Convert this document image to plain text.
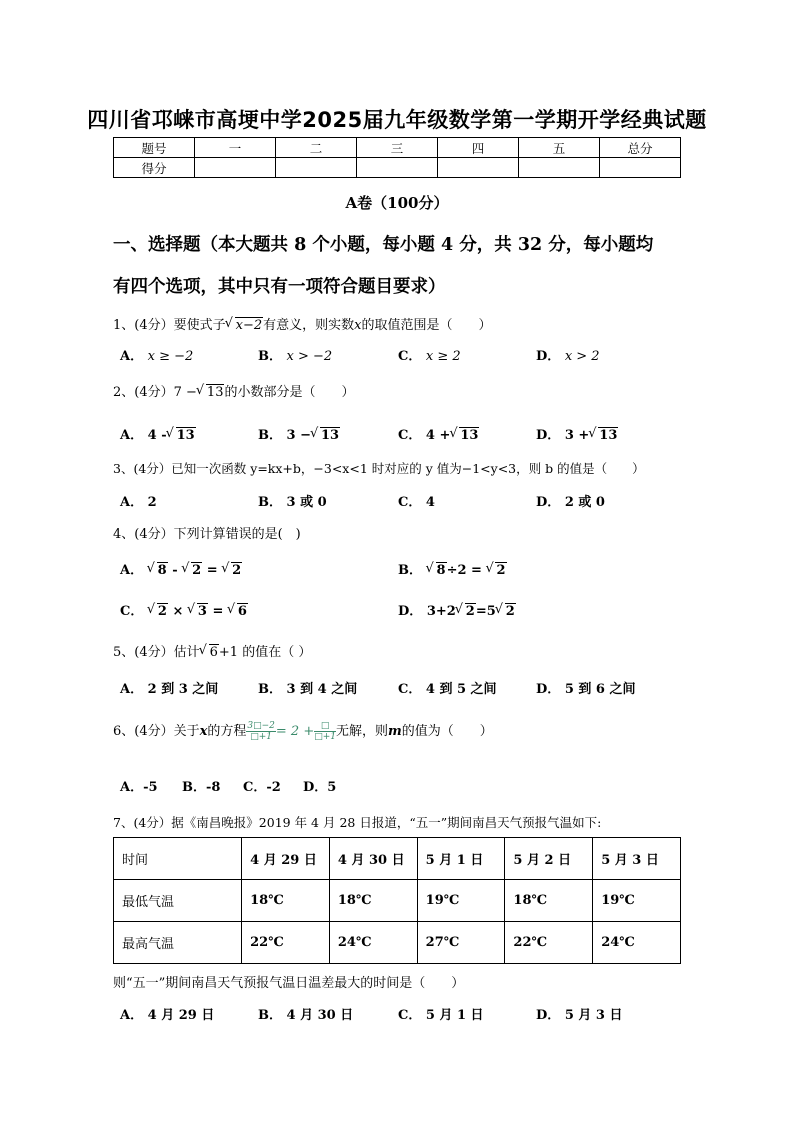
四川省邛崃市高埂中学2025届九年级数学第一学期开学经典试题
题号	一	二	三	四	五	总分
得分						
A卷（100分）
一、选择题（本大题共 8 个小题，每小题 4 分，共 32 分，每小题均
有四个选项，其中只有一项符合题目要求）
1、(4分）要使式子 √ x−2有意义，则实数x的取值范围是（　　）
A． x ≥ −2	B． x > −2	C． x ≥ 2	D． x > 2
2、(4分）7 − √ 13的小数部分是（　　）
A． 4 - √ 13	B． 3 − √ 13	C． 4 + √ 13	D． 3 + √ 13
3、(4分）已知一次函数 y=kx+b，−3<x<1 时对应的 y 值为−1<y<3，则 b 的值是（　　）
A． 2	B． 3 或 0	C． 4	D． 2 或 0
4、(4分）下列计算错误的是(　)
A． √ 8 - √ 2 = √ 2	B． √ 8÷2 = √ 2
C． √ 2 × √ 3 = √ 6	D． 3+2 √ 2=5 √ 2
5、(4分）估计 √ 6+1 的值在（ ）
A． 2 到 3 之间	B． 3 到 4 之间	C． 4 到 5 之间	D． 5 到 6 之间
6、(4分）关于x的方程 $\frac{3□-2}{□+1} = 2 + \frac{□}{□+1}$ 无解，则m的值为（　　）
A．-5 B．-8 C．-2 D．5
7、(4分）据《南昌晚报》2019 年 4 月 28 日报道，“五一”期间南昌天气预报气温如下:
时间	4 月 29 日	4 月 30 日	5 月 1 日	5 月 2 日	5 月 3 日
最低气温	18℃	18℃	19℃	18℃	19℃
最高气温	22℃	24℃	27℃	22℃	24℃
则“五一”期间南昌天气预报气温日温差最大的时间是（　　）
A． 4 月 29 日	B． 4 月 30 日	C． 5 月 1 日	D． 5 月 3 日
